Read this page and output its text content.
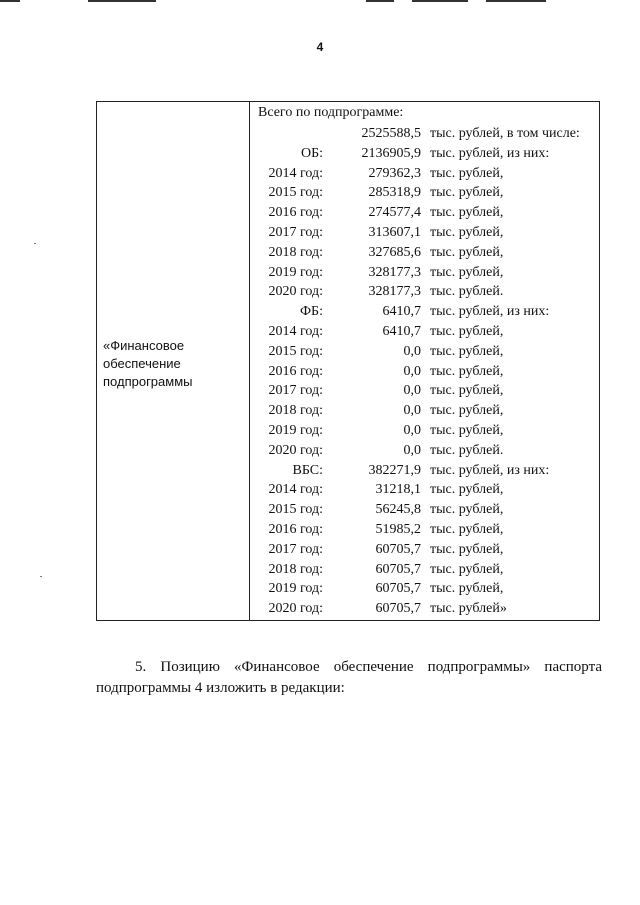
4
«Финансовое
обеспечение
подпрограммы
Всего по подпрограмме:
2525588,5 тыс. рублей, в том числе:
ОБ:	2136905,9 тыс. рублей, из них:
2014 год:	279362,3 тыс. рублей,
2015 год:	285318,9 тыс. рублей,
2016 год:	274577,4 тыс. рублей,
2017 год:	313607,1 тыс. рублей,
2018 год:	327685,6 тыс. рублей,
2019 год:	328177,3 тыс. рублей,
2020 год:	328177,3 тыс. рублей.
ФБ:	6410,7 тыс. рублей, из них:
2014 год:	6410,7 тыс. рублей,
2015 год:	0,0 тыс. рублей,
2016 год:	0,0 тыс. рублей,
2017 год:	0,0 тыс. рублей,
2018 год:	0,0 тыс. рублей,
2019 год:	0,0 тыс. рублей,
2020 год:	0,0 тыс. рублей.
ВБС:	382271,9 тыс. рублей, из них:
2014 год:	31218,1 тыс. рублей,
2015 год:	56245,8 тыс. рублей,
2016 год:	51985,2 тыс. рублей,
2017 год:	60705,7 тыс. рублей,
2018 год:	60705,7 тыс. рублей,
2019 год:	60705,7 тыс. рублей,
2020 год:	60705,7 тыс. рублей»

5. Позицию «Финансовое обеспечение подпрограммы» паспорта подпрограммы 4 изложить в редакции:
